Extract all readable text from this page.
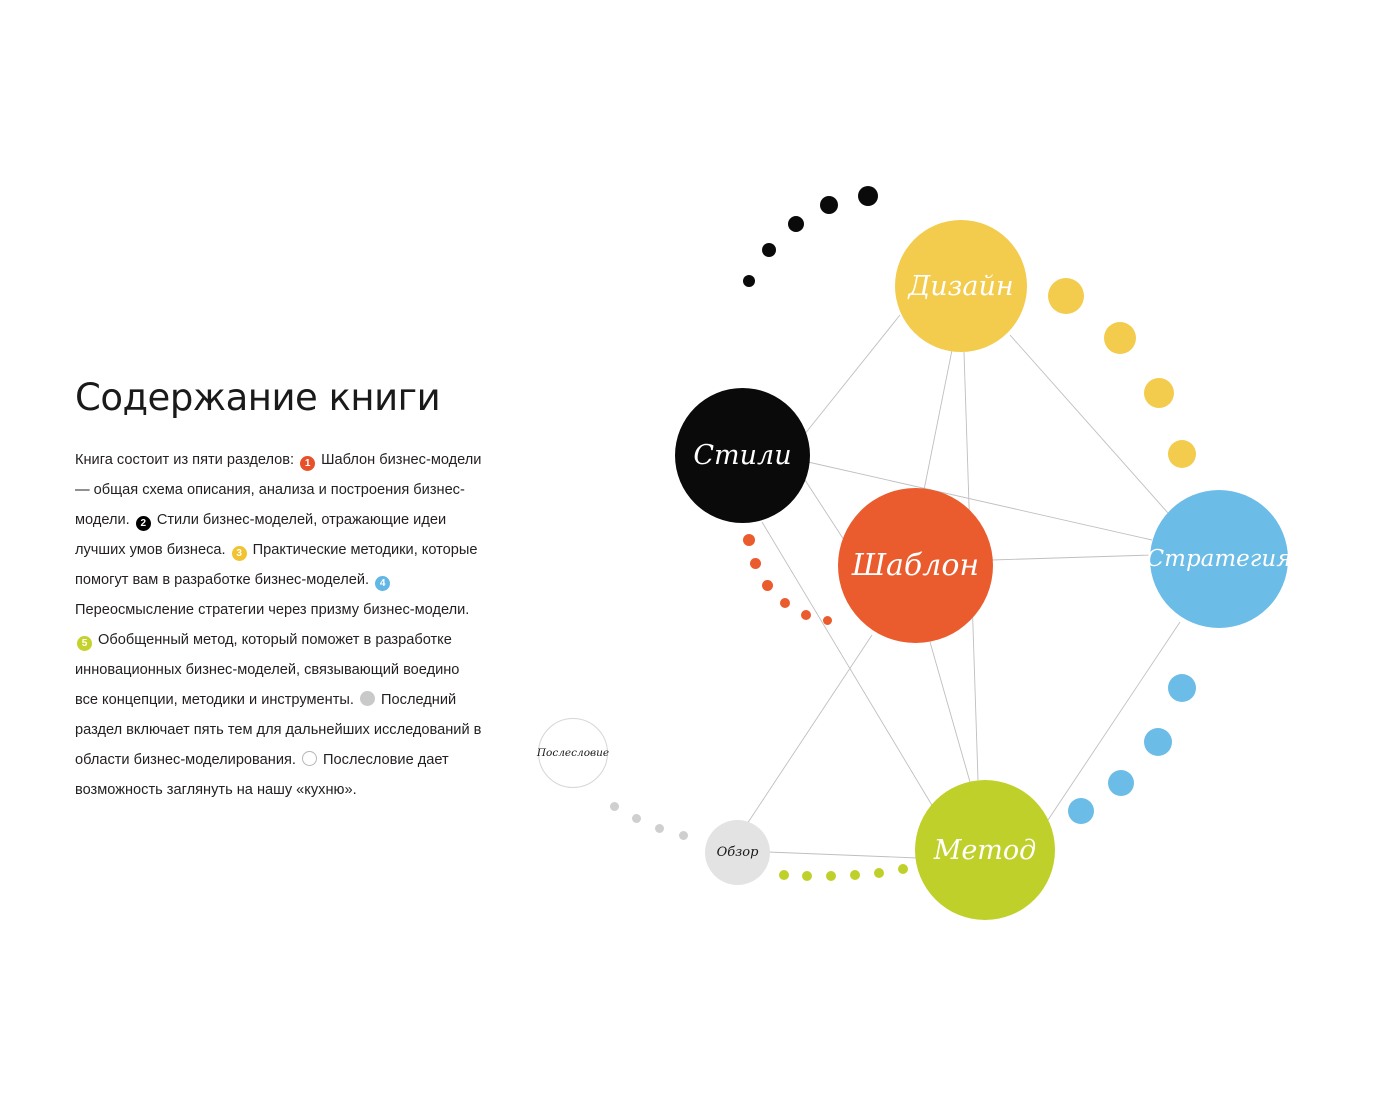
Содержание книги

Книга состоит из пяти разделов: 1 Шаблон бизнес-модели — общая схема описания, анализа и построения бизнес-модели. 2 Стили бизнес-моделей, отражающие идеи лучших умов бизнеса. 3 Практические методики, которые помогут вам в разработке бизнес-моделей. 4 Переосмысление стратегии через призму бизнес-модели. 5 Обобщенный метод, который поможет в разработке инновационных бизнес-моделей, связывающий воедино все концепции, методики и инструменты.  Последний раздел включает пять тем для дальнейших исследований в области бизнес-моделирования.  Послесловие дает возможность заглянуть на нашу «кухню».

Стили
Дизайн
Шаблон	Стратегия
Метод
Послесловие
Обзор
